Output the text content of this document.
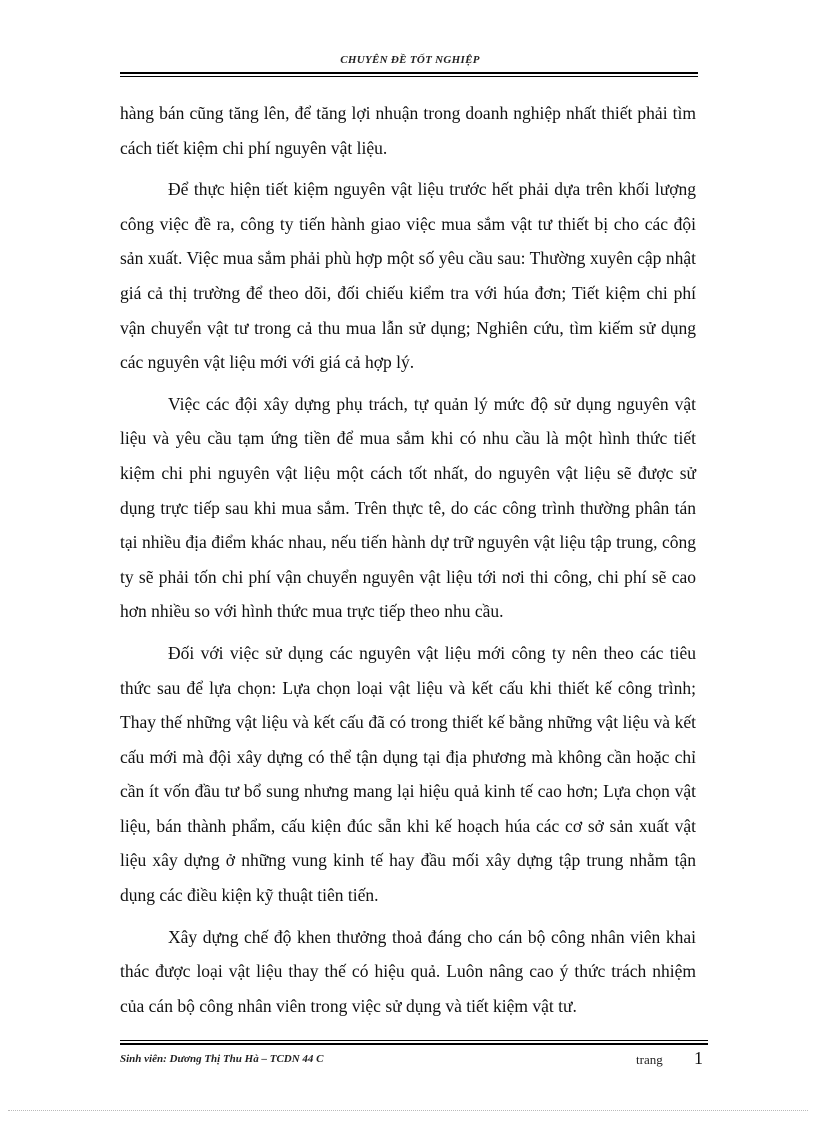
CHUYÊN ĐỀ TỐT NGHIỆP

hàng bán cũng tăng lên, để tăng lợi nhuận trong doanh nghiệp nhất thiết phải tìm cách tiết kiệm chi phí nguyên vật liệu.

Để thực hiện tiết kiệm nguyên vật liệu trước hết phải dựa trên khối lượng công việc đề ra, công ty tiến hành giao việc mua sắm vật tư thiết bị cho các đội sản xuất. Việc mua sắm phải phù hợp một số yêu cầu sau: Thường xuyên cập nhật giá cả thị trường để theo dõi, đối chiếu kiểm tra với húa đơn; Tiết kiệm chi phí vận chuyển vật tư trong cả thu mua lẫn sử dụng; Nghiên cứu, tìm kiếm sử dụng các nguyên vật liệu mới với giá cả hợp lý.

Việc các đội xây dựng phụ trách, tự quản lý mức độ sử dụng nguyên vật liệu và yêu cầu tạm ứng tiền để mua sắm khi có nhu cầu là một hình thức tiết kiệm chi phi nguyên vật liệu một cách tốt nhất, do nguyên vật liệu sẽ được sử dụng trực tiếp sau khi mua sắm. Trên thực tê, do các công trình thường phân tán tại nhiều địa điểm khác nhau, nếu tiến hành dự trữ nguyên vật liệu tập trung, công ty sẽ phải tốn chi phí vận chuyển nguyên vật liệu tới nơi thi công, chi phí sẽ cao hơn nhiều so với hình thức mua trực tiếp theo nhu cầu.

Đối với việc sử dụng các nguyên vật liệu mới công ty nên theo các tiêu thức sau để lựa chọn: Lựa chọn loại vật liệu và kết cấu khi thiết kế công trình; Thay thế những vật liệu và kết cấu đã có trong thiết kế bằng những vật liệu và kết cấu mới mà đội xây dựng có thể tận dụng tại địa phương mà không cần hoặc chỉ cần ít vốn đầu tư bổ sung nhưng mang lại hiệu quả kinh tế cao hơn; Lựa chọn vật liệu, bán thành phẩm, cấu kiện đúc sẵn khi kế hoạch húa các cơ sở sản xuất vật liệu xây dựng ở những vung kinh tế hay đầu mối xây dựng tập trung nhằm tận dụng các điều kiện kỹ thuật tiên tiến.

Xây dựng chế độ khen thưởng thoả đáng cho cán bộ công nhân viên khai thác được loại vật liệu thay thế có hiệu quả. Luôn nâng cao ý thức trách nhiệm của cán bộ công nhân viên trong việc sử dụng và tiết kiệm vật tư.

Sinh viên: Dương Thị Thu Hà – TCDN 44 C	trang 1
